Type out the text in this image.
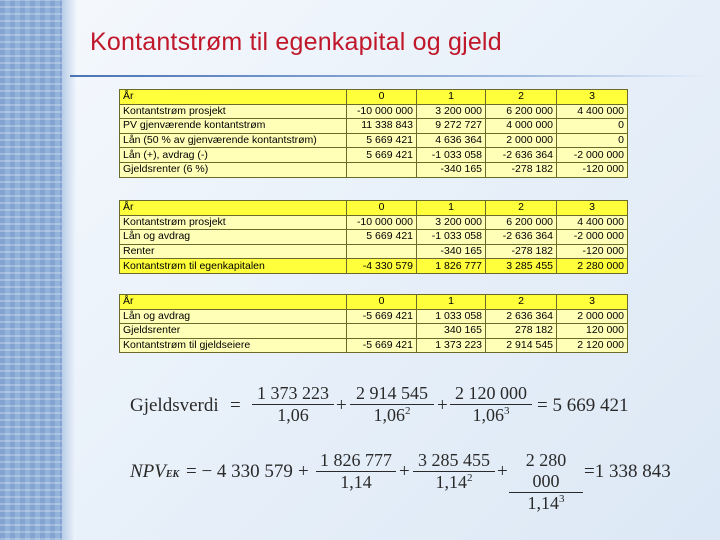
Kontantstrøm til egenkapital og gjeld
År	0	1	2	3
Kontantstrøm prosjekt	-10 000 000	3 200 000	6 200 000	4 400 000
PV gjenværende kontantstrøm	11 338 843	9 272 727	4 000 000	0
Lån (50 % av gjenværende kontantstrøm)	5 669 421	4 636 364	2 000 000	0
Lån (+), avdrag (-)	5 669 421	-1 033 058	-2 636 364	-2 000 000
Gjeldsrenter (6 %)		-340 165	-278 182	-120 000
År	0	1	2	3
Kontantstrøm prosjekt	-10 000 000	3 200 000	6 200 000	4 400 000
Lån og avdrag	5 669 421	-1 033 058	-2 636 364	-2 000 000
Renter		-340 165	-278 182	-120 000
Kontantstrøm til egenkapitalen	-4 330 579	1 826 777	3 285 455	2 280 000
År	0	1	2	3
Lån og avdrag	-5 669 421	1 033 058	2 636 364	2 000 000
Gjeldsrenter		340 165	278 182	120 000
Kontantstrøm til gjeldseiere	-5 669 421	1 373 223	2 914 545	2 120 000
Gjeldsverdi = $\frac{1 373 223}{1,06} + \frac{2 914 545}{1,06^2} + \frac{2 120 000}{1,06^3} = 5$ 669 421
NPVEK = − 4 330 $579 + \frac{1 826 777}{1,14} + \frac{3 285 455}{1,14^2} + \frac{2 280 000}{1,14^3} =1$ 338 843
